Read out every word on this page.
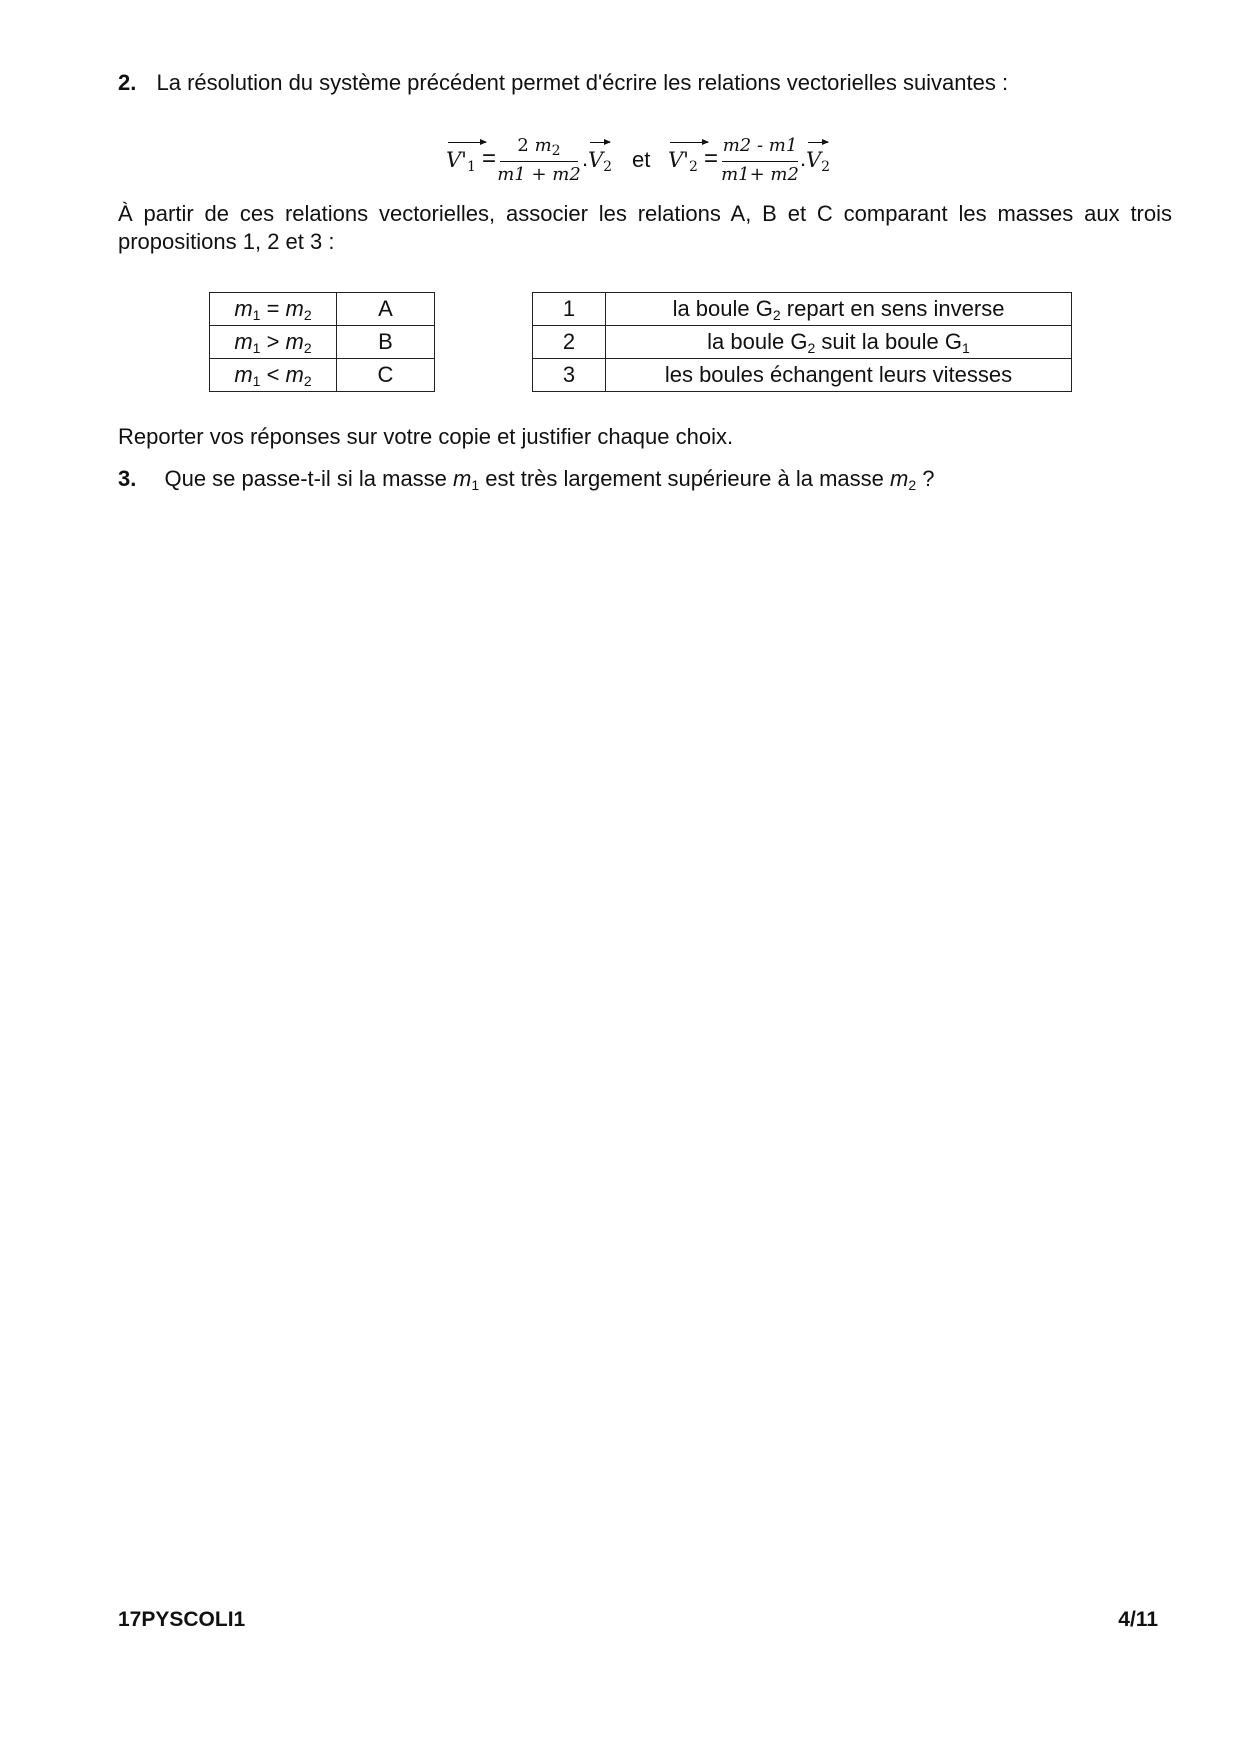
2. La résolution du système précédent permet d'écrire les relations vectorielles suivantes :
$V'_1$ =	2 $m_2$
m1 + m2
. $V_2$ et $V'_2 = m2 - m1$
m1+ m2
. $V_2$
À partir de ces relations vectorielles, associer les relations A, B et C comparant les masses aux trois propositions 1, 2 et 3 :
m1 = m2	A
m1 > m2	B
m1 < m2	C
1	la boule G2 repart en sens inverse
2	la boule G2 suit la boule G1
3	les boules échangent leurs vitesses
Reporter vos réponses sur votre copie et justifier chaque choix.
3. Que se passe-t-il si la masse m1 est très largement supérieure à la masse m2 ?
17PYSCOLI1	4/11
